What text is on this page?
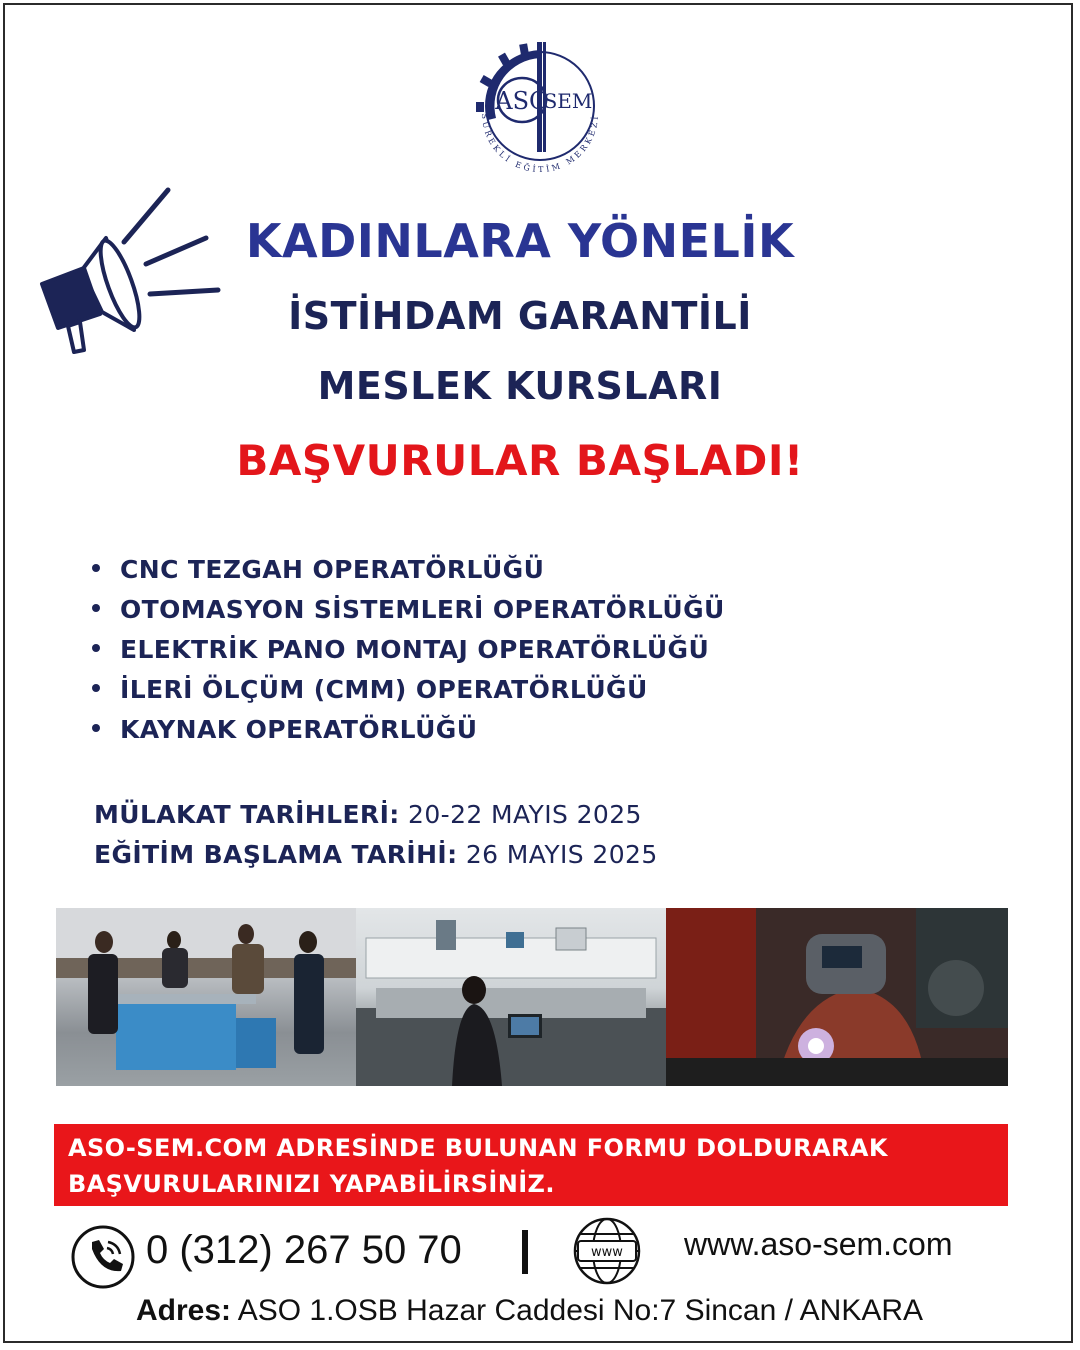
ASO
SEM
SÜREKLİ EĞİTİM MERKEZİ
KADINLARA YÖNELİK
İSTİHDAM GARANTİLİ
MESLEK KURSLARI
BAŞVURULAR BAŞLADI!
CNC TEZGAH OPERATÖRLÜĞÜ
OTOMASYON SİSTEMLERİ OPERATÖRLÜĞÜ
ELEKTRİK PANO MONTAJ OPERATÖRLÜĞÜ
İLERİ ÖLÇÜM (CMM) OPERATÖRLÜĞÜ
KAYNAK OPERATÖRLÜĞÜ
MÜLAKAT TARİHLERİ: 20-22 MAYIS 2025
EĞİTİM BAŞLAMA TARİHİ: 26 MAYIS 2025
ASO-SEM.COM ADRESİNDE BULUNAN FORMU DOLDURARAK
BAŞVURULARINIZI YAPABİLİRSİNİZ.
0 (312) 267 50 70	www www.aso-sem.com
Adres: ASO 1.OSB Hazar Caddesi No:7 Sincan / ANKARA
